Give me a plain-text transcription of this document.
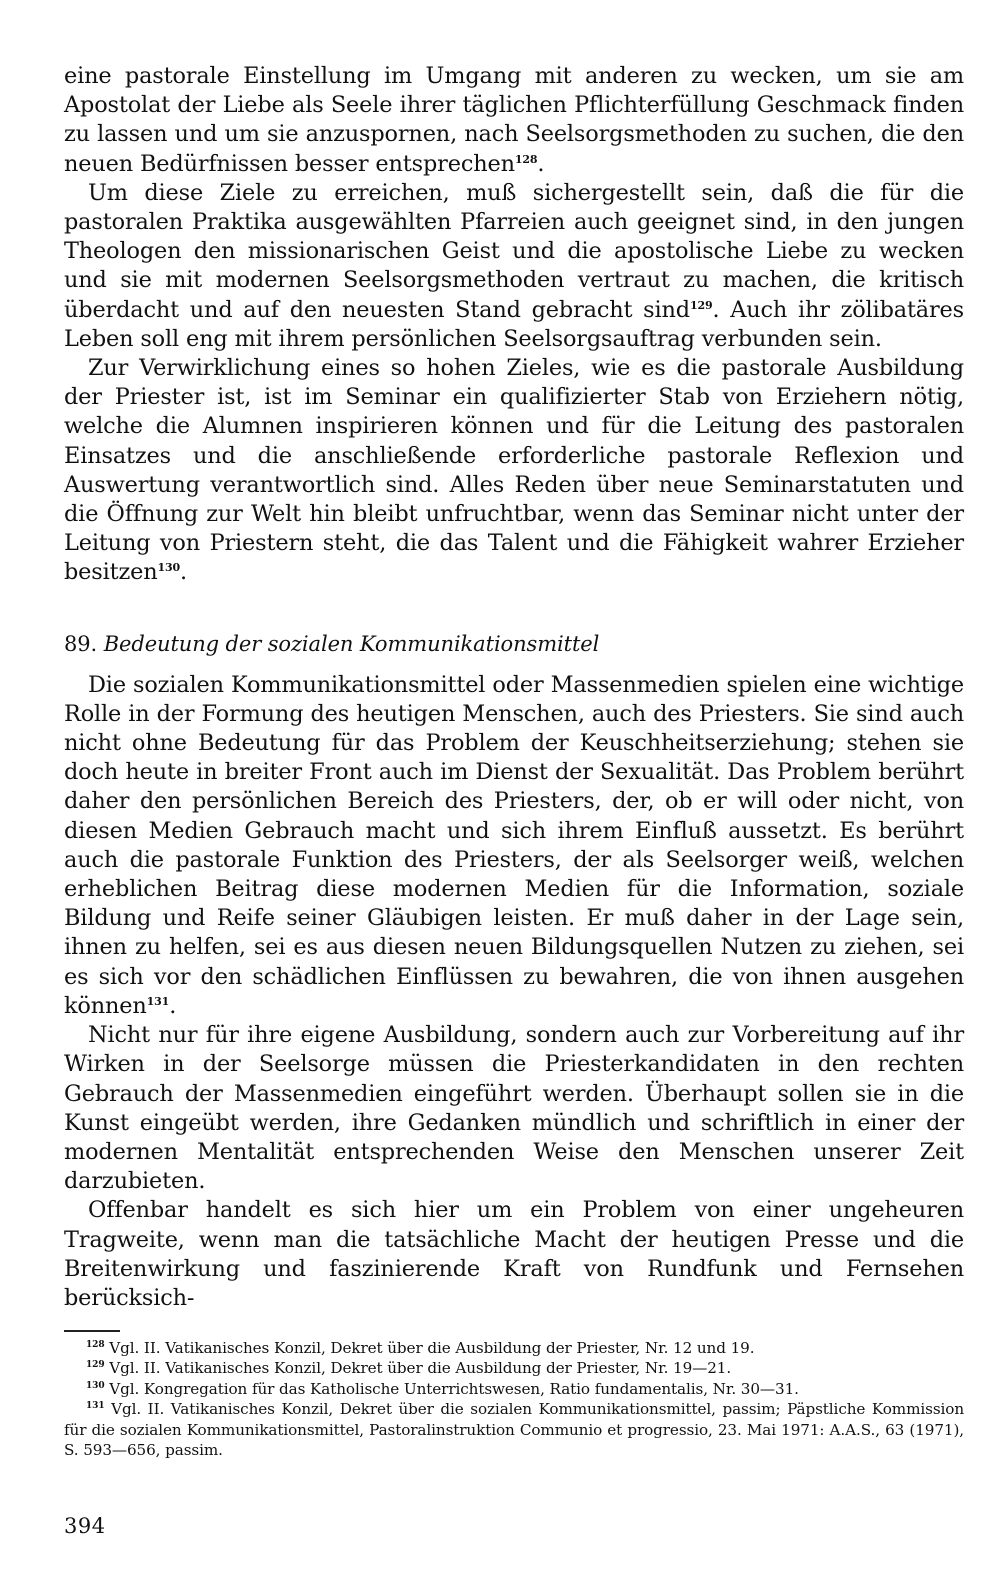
eine pastorale Einstellung im Umgang mit anderen zu wecken, um sie am Apostolat der Liebe als Seele ihrer täglichen Pflichterfüllung Geschmack finden zu lassen und um sie anzuspornen, nach Seelsorgsmethoden zu suchen, die den neuen Bedürfnissen besser entsprechen$^{128}$.

Um diese Ziele zu erreichen, muß sichergestellt sein, daß die für die pastoralen Praktika ausgewählten Pfarreien auch geeignet sind, in den jungen Theologen den missionarischen Geist und die apostolische Liebe zu wecken und sie mit modernen Seelsorgsmethoden vertraut zu machen, die kritisch überdacht und auf den neuesten Stand gebracht sind$^{129}$. Auch ihr zölibatäres Leben soll eng mit ihrem persönlichen Seelsorgsauftrag verbunden sein.

Zur Verwirklichung eines so hohen Zieles, wie es die pastorale Ausbildung der Priester ist, ist im Seminar ein qualifizierter Stab von Erziehern nötig, welche die Alumnen inspirieren können und für die Leitung des pastoralen Einsatzes und die anschließende erforderliche pastorale Reflexion und Auswertung verantwortlich sind. Alles Reden über neue Seminarstatuten und die Öffnung zur Welt hin bleibt unfruchtbar, wenn das Seminar nicht unter der Leitung von Priestern steht, die das Talent und die Fähigkeit wahrer Erzieher besitzen$^{130}$.

89. Bedeutung der sozialen Kommunikationsmittel

Die sozialen Kommunikationsmittel oder Massenmedien spielen eine wichtige Rolle in der Formung des heutigen Menschen, auch des Priesters. Sie sind auch nicht ohne Bedeutung für das Problem der Keuschheitserziehung; stehen sie doch heute in breiter Front auch im Dienst der Sexualität. Das Problem berührt daher den persönlichen Bereich des Priesters, der, ob er will oder nicht, von diesen Medien Gebrauch macht und sich ihrem Einfluß aussetzt. Es berührt auch die pastorale Funktion des Priesters, der als Seelsorger weiß, welchen erheblichen Beitrag diese modernen Medien für die Information, soziale Bildung und Reife seiner Gläubigen leisten. Er muß daher in der Lage sein, ihnen zu helfen, sei es aus diesen neuen Bildungsquellen Nutzen zu ziehen, sei es sich vor den schädlichen Einflüssen zu bewahren, die von ihnen ausgehen können$^{131}$.

Nicht nur für ihre eigene Ausbildung, sondern auch zur Vorbereitung auf ihr Wirken in der Seelsorge müssen die Priesterkandidaten in den rechten Gebrauch der Massenmedien eingeführt werden. Überhaupt sollen sie in die Kunst eingeübt werden, ihre Gedanken mündlich und schriftlich in einer der modernen Mentalität entsprechenden Weise den Menschen unserer Zeit darzubieten.

Offenbar handelt es sich hier um ein Problem von einer ungeheuren Tragweite, wenn man die tatsächliche Macht der heutigen Presse und die Breitenwirkung und faszinierende Kraft von Rundfunk und Fernsehen berücksich-

$^{128}$ Vgl. II. Vatikanisches Konzil, Dekret über die Ausbildung der Priester, Nr. 12 und 19.

$^{129}$ Vgl. II. Vatikanisches Konzil, Dekret über die Ausbildung der Priester, Nr. 19—21.

$^{130}$ Vgl. Kongregation für das Katholische Unterrichtswesen, Ratio fundamentalis, Nr. 30—31.

$^{131}$ Vgl. II. Vatikanisches Konzil, Dekret über die sozialen Kommunikationsmittel, passim; Päpstliche Kommission für die sozialen Kommunikationsmittel, Pastoralinstruktion Communio et progressio, 23. Mai 1971: A.A.S., 63 (1971), S. 593—656, passim.

394
